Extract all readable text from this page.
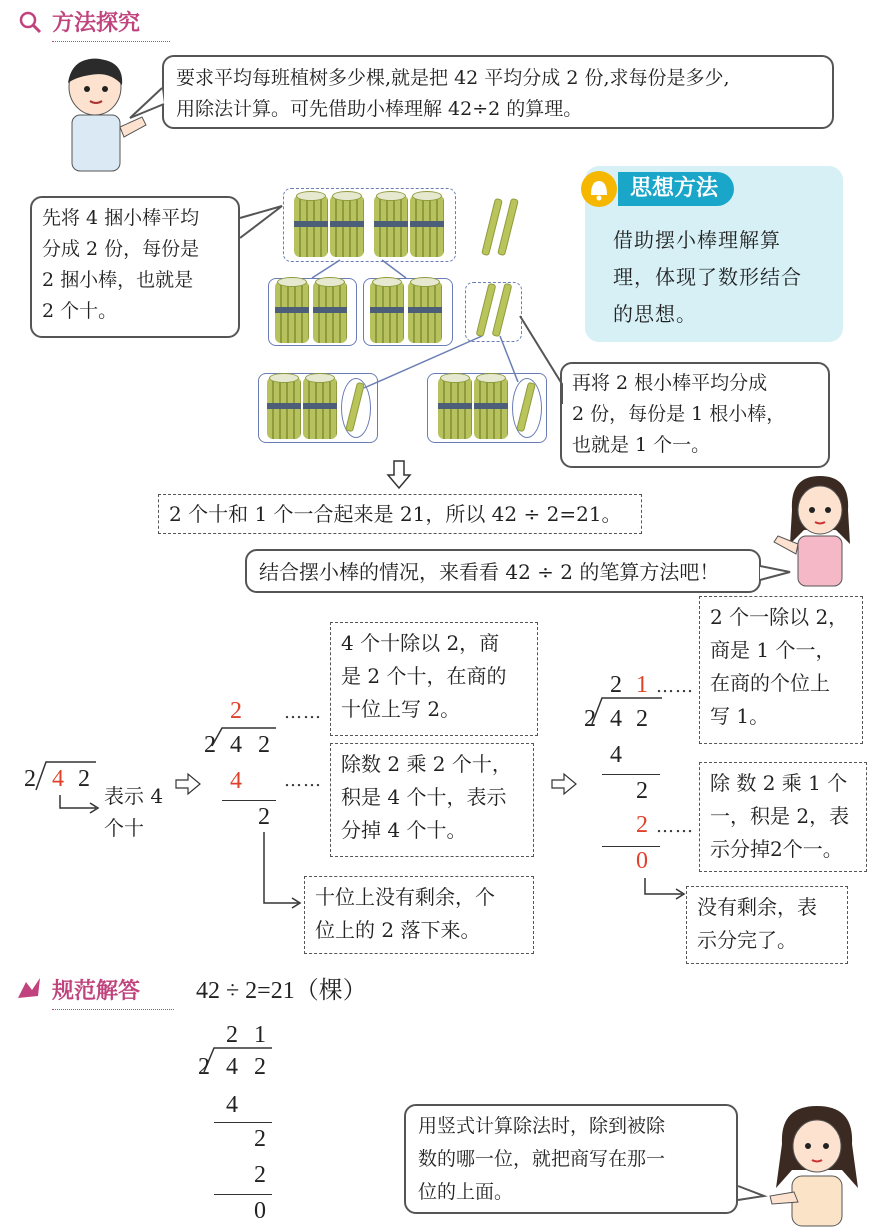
方法探究
要求平均每班植树多少棵,就是把 42 平均分成 2 份,求每份是多少,
用除法计算。可先借助小棒理解 42÷2 的算理。
先将 4 捆小棒平均
分成 2 份，每份是
2 捆小棒，也就是
2 个十。
思想方法
借助摆小棒理解算
理，体现了数形结合
的思想。
再将 2 根小棒平均分成
2 份，每份是 1 根小棒，
也就是 1 个一。
2 个十和 1 个一合起来是 21，所以 42 ÷ 2=21。
结合摆小棒的情况，来看看 42 ÷ 2 的笔算方法吧！
2 4 2
表示 4
个十
2
2 4 2
4
2
……
……
4 个十除以 2，商
是 2 个十，在商的
十位上写 2。
除数 2 乘 2 个十，
积是 4 个十，表示
分掉 4 个十。
十位上没有剩余，个
位上的 2 落下来。
2 1
2 4 2
4
2
2
0
……
……
2 个一除以 2，
商是 1 个一，
在商的个位上
写 1。
除 数 2 乘 1 个
一，积是 2，表
示分掉2个一。
没有剩余，表
示分完了。
规范解答	42 ÷ 2=21（棵）
2 1
2 4 2
4
2
2
0
用竖式计算除法时，除到被除
数的哪一位，就把商写在那一
位的上面。
